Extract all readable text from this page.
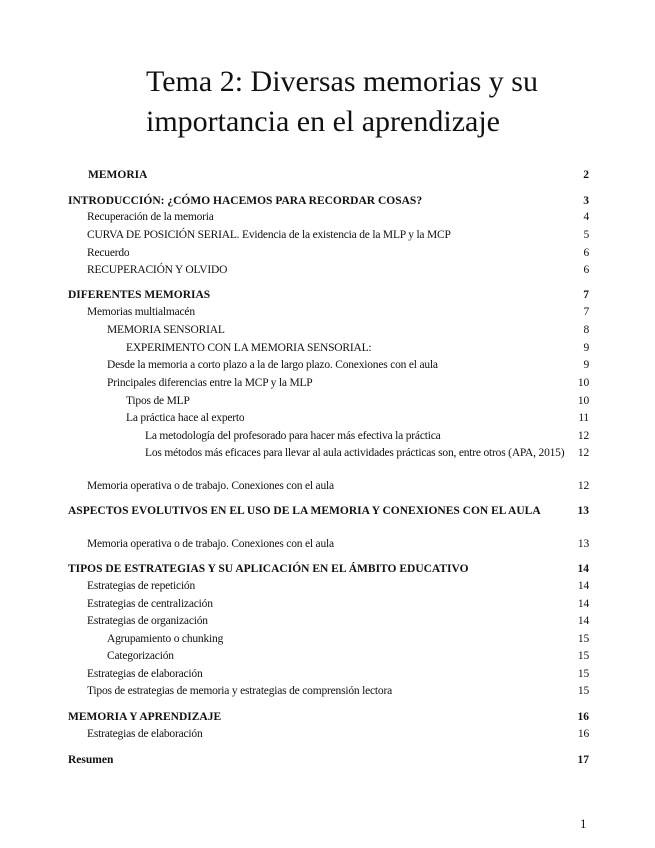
Tema 2: Diversas memorias y su importancia en el aprendizaje
MEMORIA	2
INTRODUCCIÓN: ¿CÓMO HACEMOS PARA RECORDAR COSAS?	3
Recuperación de la memoria	4
CURVA DE POSICIÓN SERIAL. Evidencia de la existencia de la MLP y la MCP	5
Recuerdo	6
RECUPERACIÓN Y OLVIDO	6
DIFERENTES MEMORIAS	7
Memorias multialmacén	7
MEMORIA SENSORIAL	8
EXPERIMENTO CON LA MEMORIA SENSORIAL:	9
Desde la memoria a corto plazo a la de largo plazo. Conexiones con el aula	9
Principales diferencias entre la MCP y la MLP	10
Tipos de MLP	10
La práctica hace al experto	11
La metodología del profesorado para hacer más efectiva la práctica	12
Los métodos más eficaces para llevar al aula actividades prácticas son, entre otros (APA, 2015)	12
Memoria operativa o de trabajo. Conexiones con el aula	12
ASPECTOS EVOLUTIVOS EN EL USO DE LA MEMORIA Y CONEXIONES CON EL AULA	13
Memoria operativa o de trabajo. Conexiones con el aula	13
TIPOS DE ESTRATEGIAS Y SU APLICACIÓN EN EL ÁMBITO EDUCATIVO	14
Estrategias de repetición	14
Estrategias de centralización	14
Estrategias de organización	14
Agrupamiento o chunking	15
Categorización	15
Estrategias de elaboración	15
Tipos de estrategias de memoria y estrategias de comprensión lectora	15
MEMORIA Y APRENDIZAJE	16
Estrategias de elaboración	16
Resumen	17
1
